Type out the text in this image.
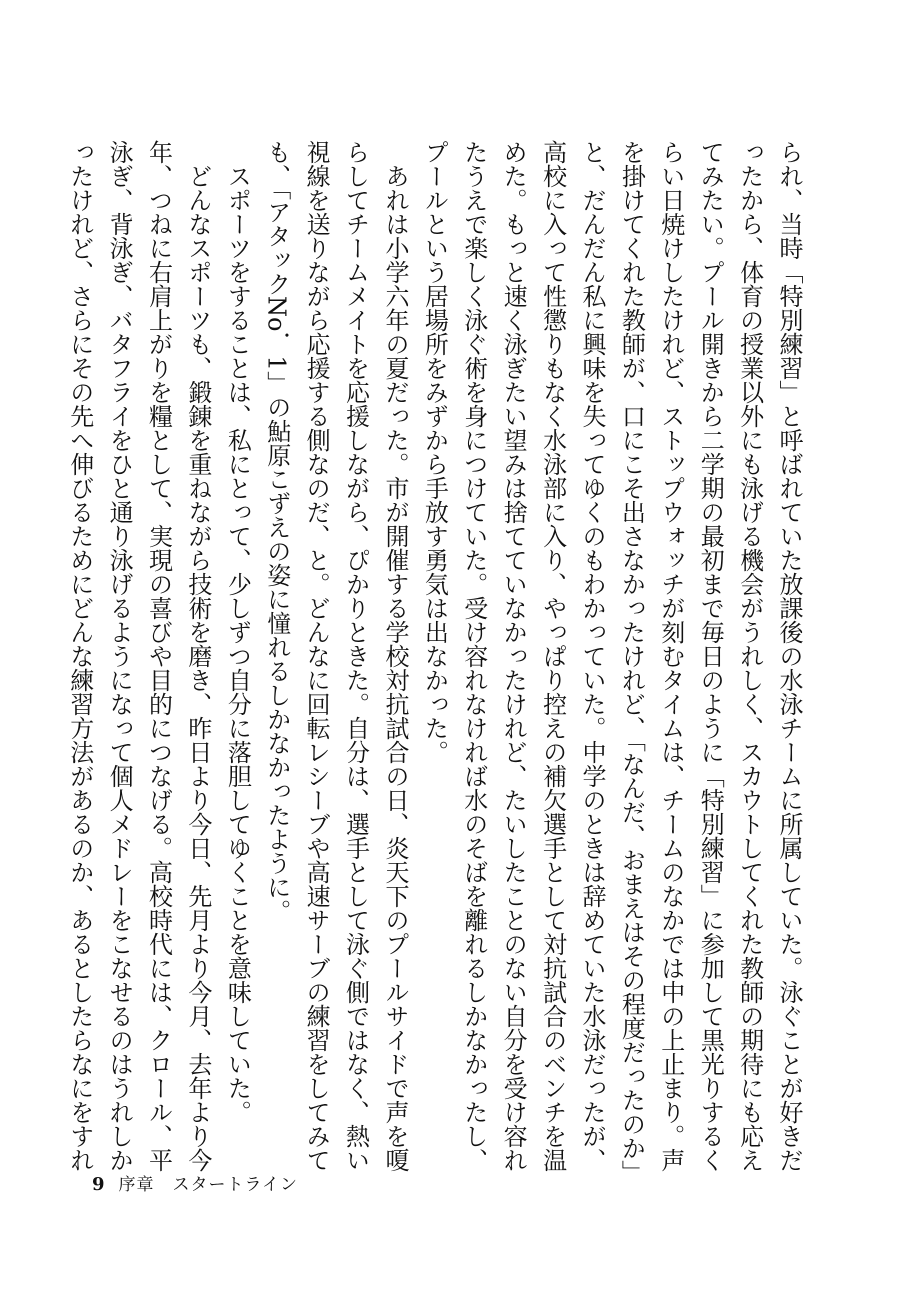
られ、当時「特別練習」と呼ばれていた放課後の水泳チームに所属していた。泳ぐことが好きだ
ったから、体育の授業以外にも泳げる機会がうれしく、スカウトしてくれた教師の期待にも応え
てみたい。プール開きから二学期の最初まで毎日のように「特別練習」に参加して黒光りするく
らい日焼けしたけれど、ストップウォッチが刻むタイムは、チームのなかでは中の上止まり。声
を掛けてくれた教師が、口にこそ出さなかったけれど、「なんだ、おまえはその程度だったのか」
と、だんだん私に興味を失ってゆくのもわかっていた。中学のときは辞めていた水泳だったが、
高校に入って性懲りもなく水泳部に入り、やっぱり控えの補欠選手として対抗試合のベンチを温
めた。もっと速く泳ぎたい望みは捨てていなかったけれど、たいしたことのない自分を受け容れ
たうえで楽しく泳ぐ術を身につけていた。受け容れなければ水のそばを離れるしかなかったし、
プールという居場所をみずから手放す勇気は出なかった。
　あれは小学六年の夏だった。市が開催する学校対抗試合の日、炎天下のプールサイドで声を嗄
らしてチームメイトを応援しながら、ぴかりときた。自分は、選手として泳ぐ側ではなく、熱い
視線を送りながら応援する側なのだ、と。どんなに回転レシーブや高速サーブの練習をしてみて
も、「アタックNo．1」の鮎原こずえの姿に憧れるしかなかったように。
　スポーツをすることは、私にとって、少しずつ自分に落胆してゆくことを意味していた。
　どんなスポーツも、鍛錬を重ねながら技術を磨き、昨日より今日、先月より今月、去年より今
年、つねに右肩上がりを糧として、実現の喜びや目的につなげる。高校時代には、クロール、平
泳ぎ、背泳ぎ、バタフライをひと通り泳げるようになって個人メドレーをこなせるのはうれしか
ったけれど、さらにその先へ伸びるためにどんな練習方法があるのか、あるとしたらなにをすれ
9 序章　スタートライン
